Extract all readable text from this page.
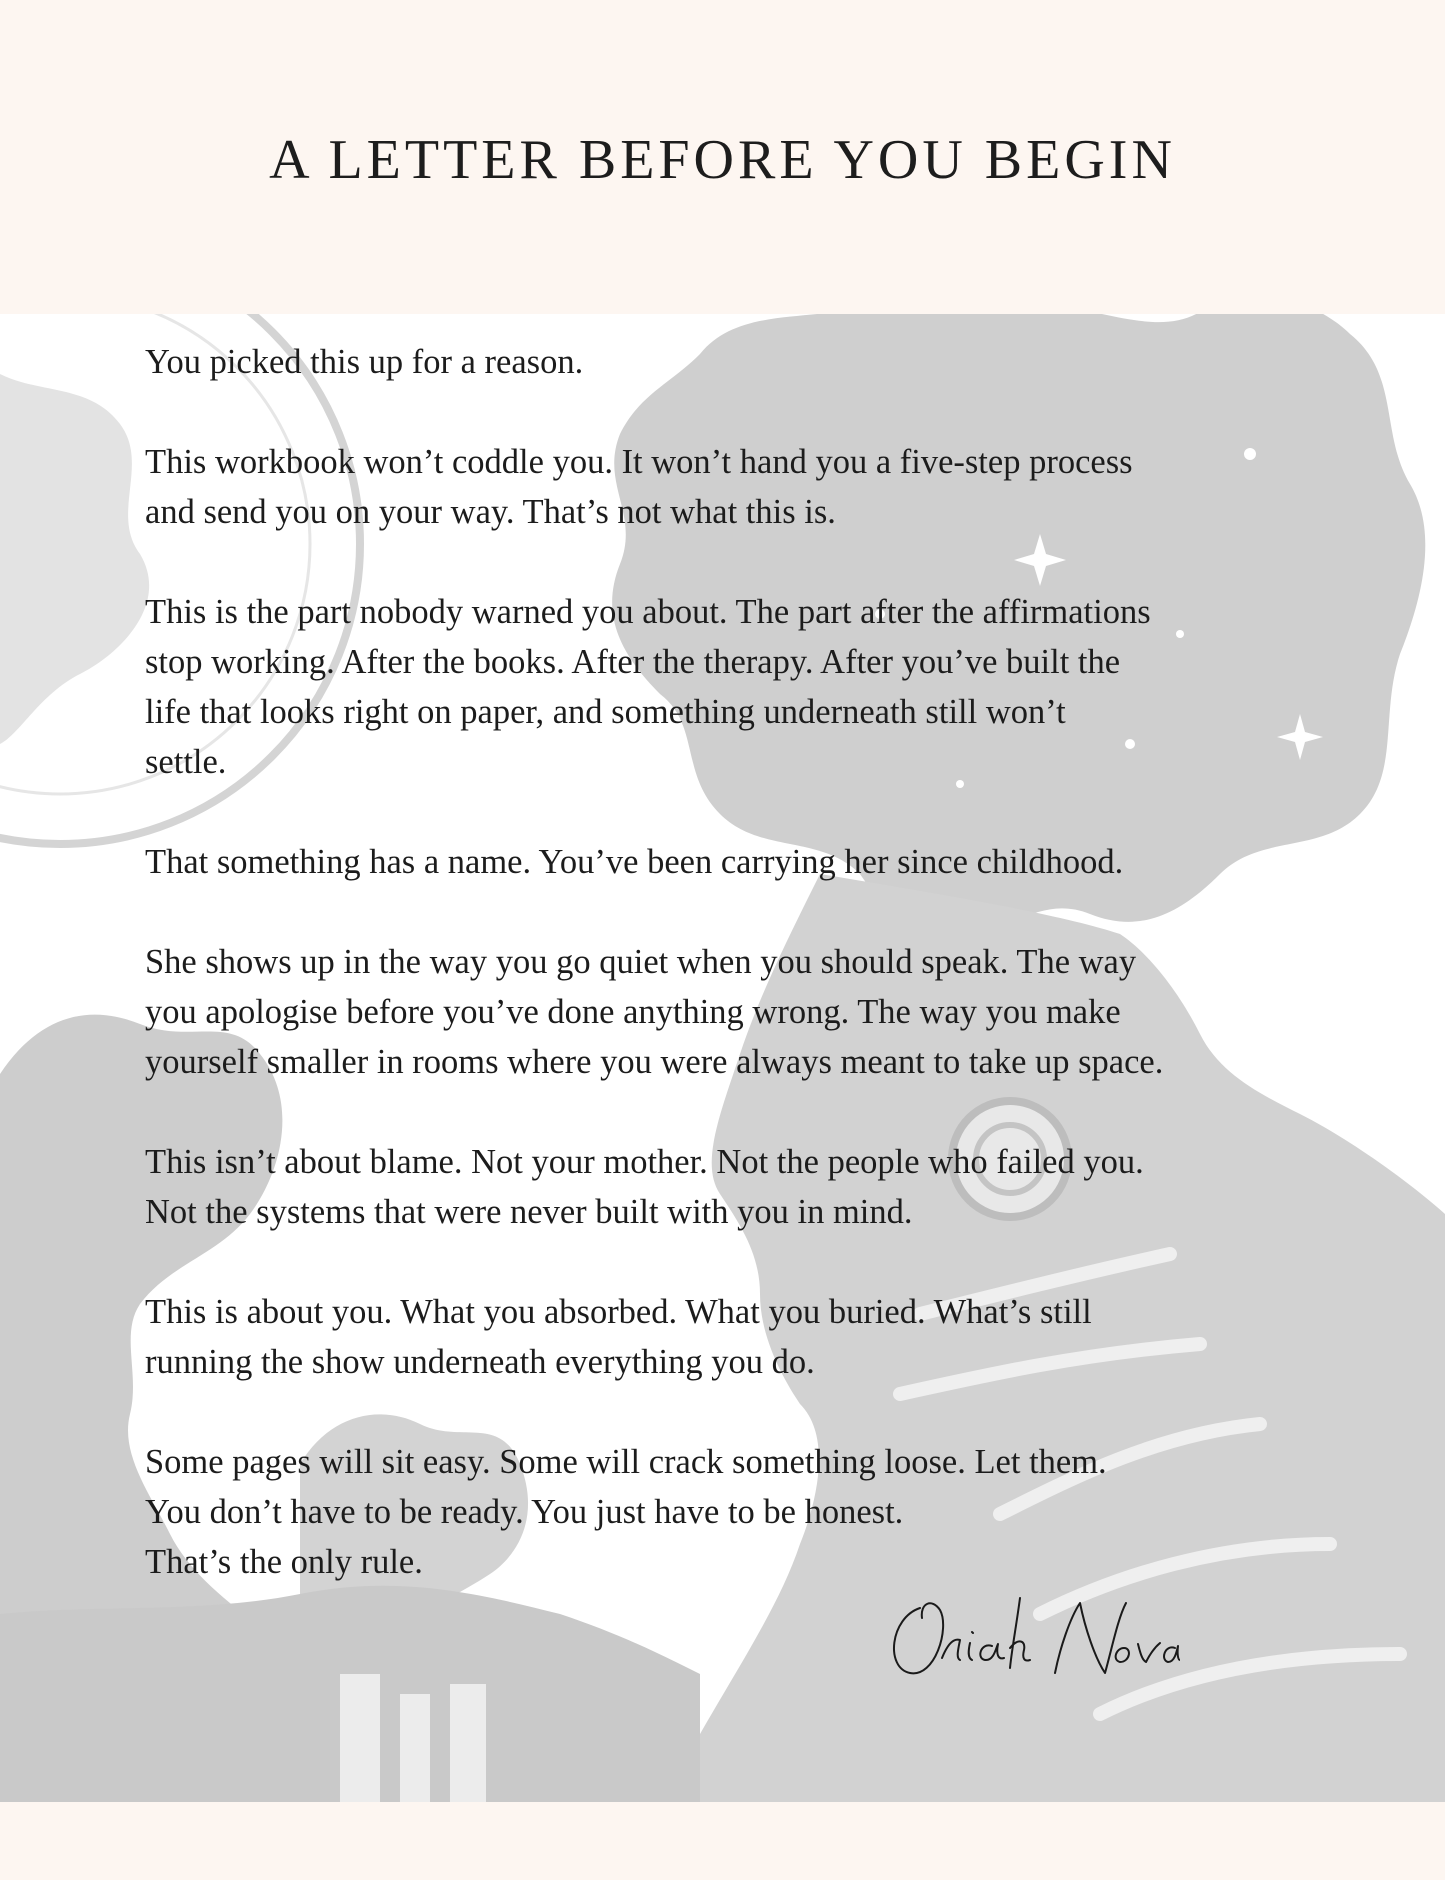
A LETTER BEFORE YOU BEGIN

You picked this up for a reason.

This workbook won’t coddle you. It won’t hand you a five-step process
and send you on your way. That’s not what this is.

This is the part nobody warned you about. The part after the affirmations
stop working. After the books. After the therapy. After you’ve built the
life that looks right on paper, and something underneath still won’t
settle.

That something has a name. You’ve been carrying her since childhood.

She shows up in the way you go quiet when you should speak. The way
you apologise before you’ve done anything wrong. The way you make
yourself smaller in rooms where you were always meant to take up space.

This isn’t about blame. Not your mother. Not the people who failed you.
Not the systems that were never built with you in mind.

This is about you. What you absorbed. What you buried. What’s still
running the show underneath everything you do.

Some pages will sit easy. Some will crack something loose. Let them.
You don’t have to be ready. You just have to be honest.
That’s the only rule.
